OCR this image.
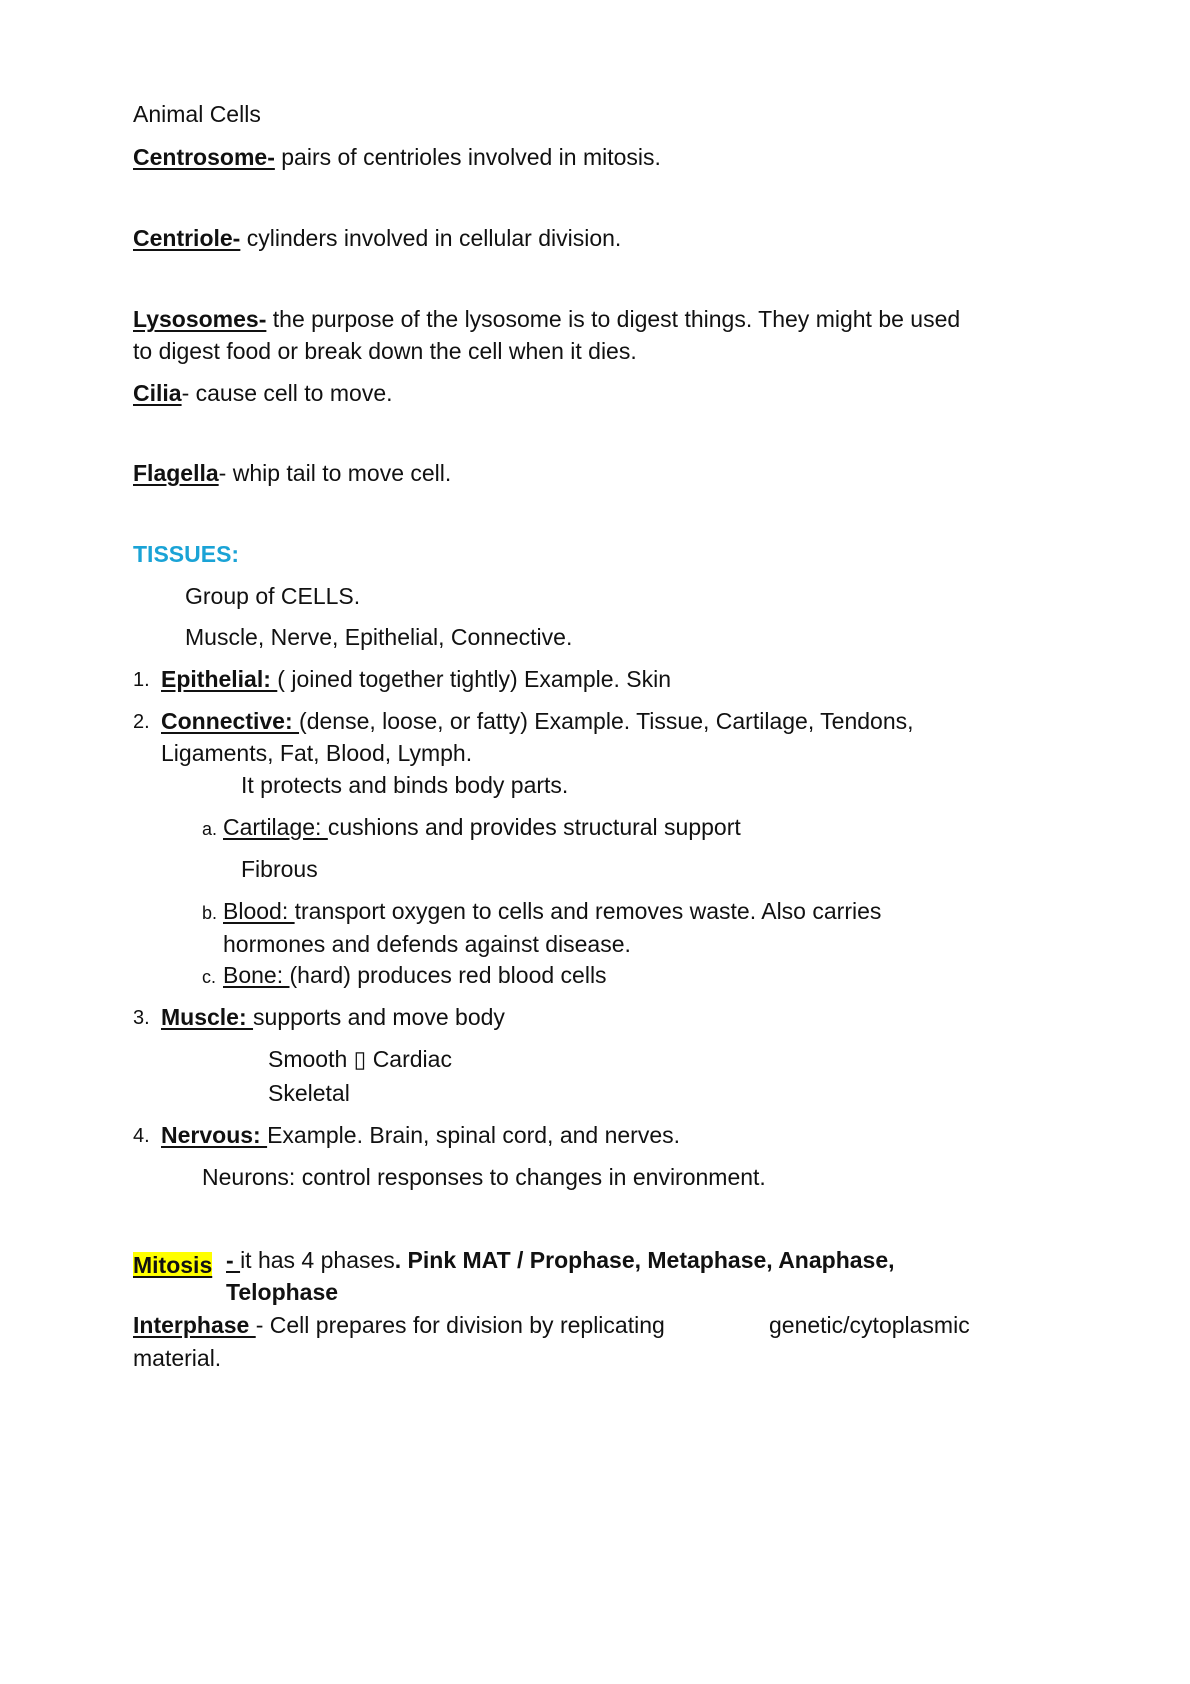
Animal Cells
Centrosome- pairs of centrioles involved in mitosis.
Centriole- cylinders involved in cellular division.
Lysosomes- the purpose of the lysosome is to digest things. They might be used
to digest food or break down the cell when it dies.
Cilia- cause cell to move.
Flagella- whip tail to move cell.
TISSUES:
Group of CELLS.
Muscle, Nerve, Epithelial, Connective.
1. Epithelial: ( joined together tightly) Example. Skin
2. Connective: (dense, loose, or fatty) Example. Tissue, Cartilage, Tendons,
Ligaments, Fat, Blood, Lymph.
It protects and binds body parts.
a. Cartilage: cushions and provides structural support
Fibrous
b. Blood: transport oxygen to cells and removes waste. Also carries
hormones and defends against disease.
c. Bone: (hard) produces red blood cells
3. Muscle: supports and move body
Smooth ▯ Cardiac
Skeletal
4. Nervous: Example. Brain, spinal cord, and nerves.
Neurons: control responses to changes in environment.
Mitosis - it has 4 phases. Pink MAT / Prophase, Metaphase, Anaphase,
Telophase
Interphase - Cell prepares for division by replicating	genetic/cytoplasmic
material.
